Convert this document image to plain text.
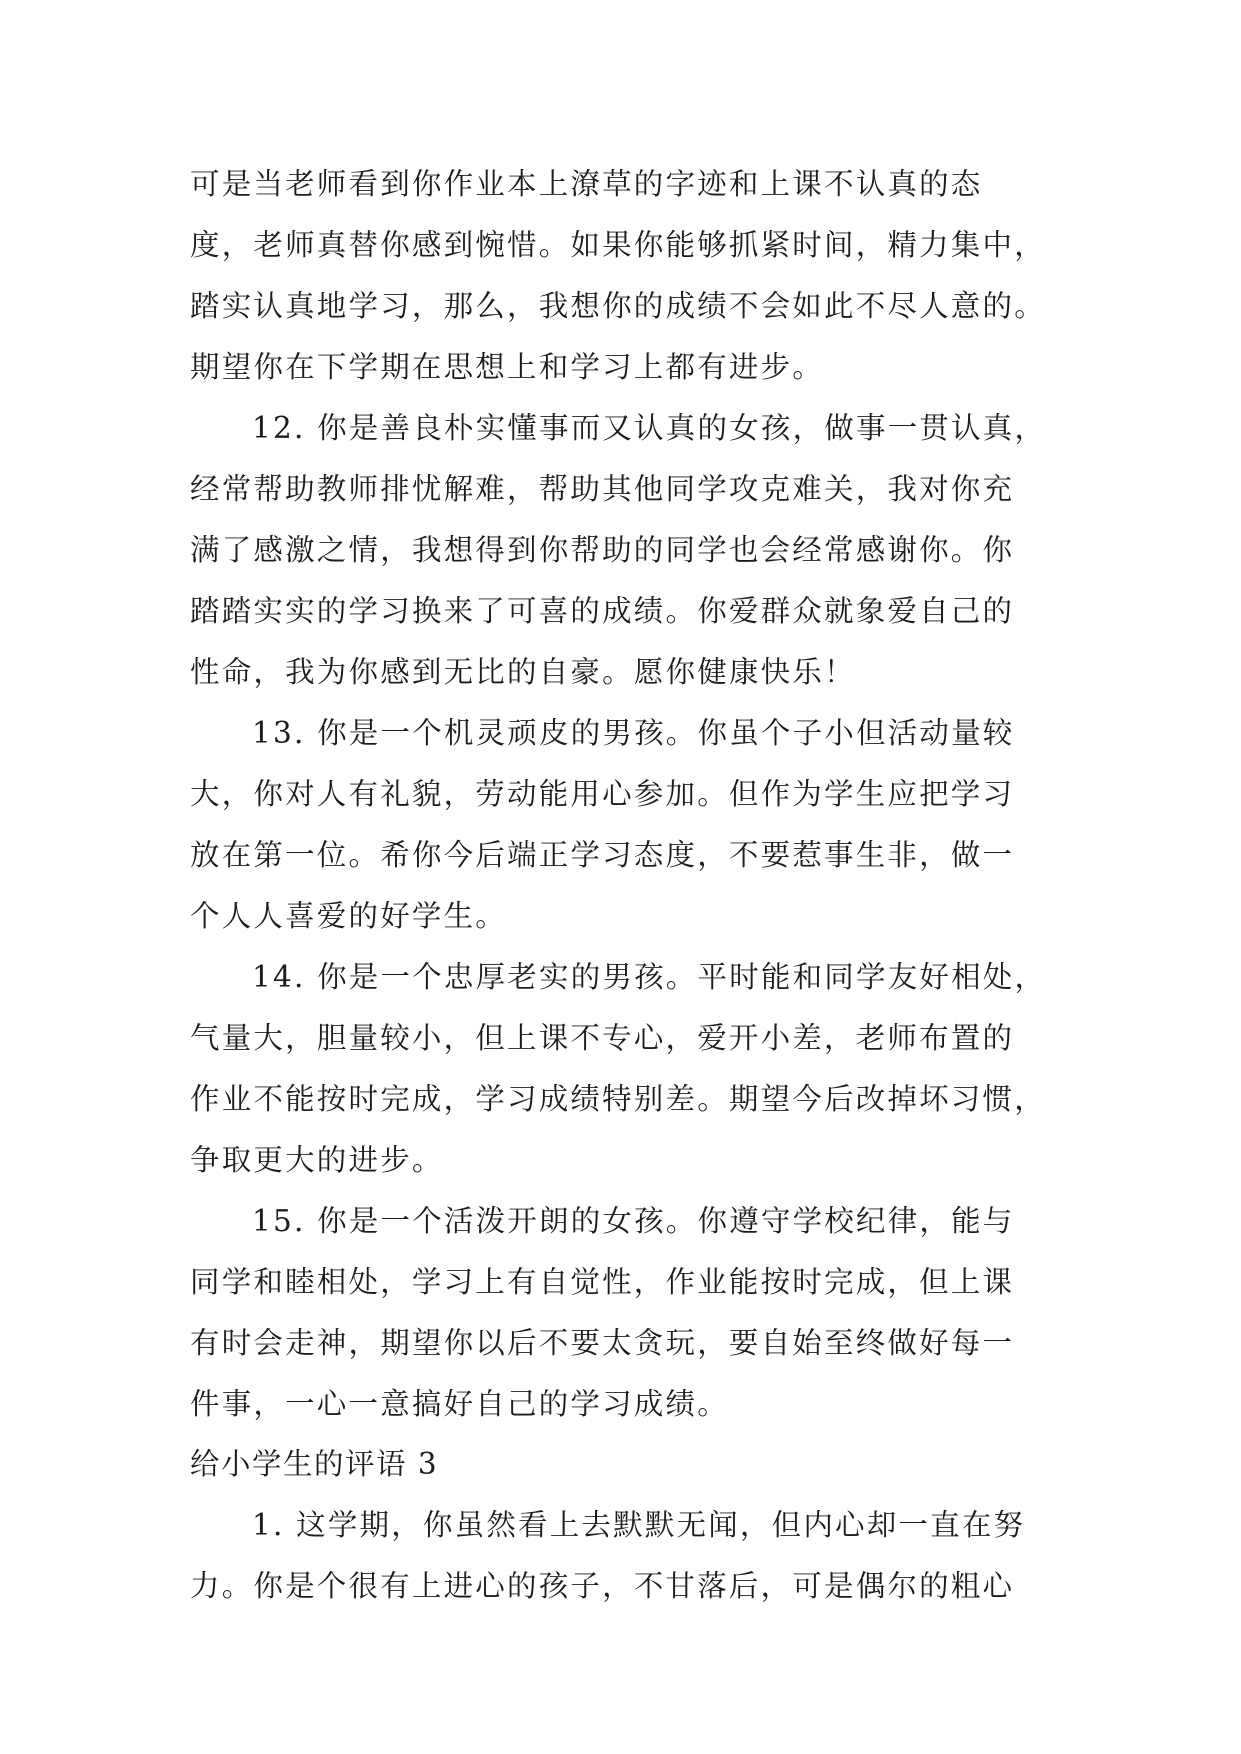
可是当老师看到你作业本上潦草的字迹和上课不认真的态
度，老师真替你感到惋惜。如果你能够抓紧时间，精力集中，
踏实认真地学习，那么，我想你的成绩不会如此不尽人意的。
期望你在下学期在思想上和学习上都有进步。
12. 你是善良朴实懂事而又认真的女孩，做事一贯认真，
经常帮助教师排忧解难，帮助其他同学攻克难关，我对你充
满了感激之情，我想得到你帮助的同学也会经常感谢你。你
踏踏实实的学习换来了可喜的成绩。你爱群众就象爱自己的
性命，我为你感到无比的自豪。愿你健康快乐！
13. 你是一个机灵顽皮的男孩。你虽个子小但活动量较
大，你对人有礼貌，劳动能用心参加。但作为学生应把学习
放在第一位。希你今后端正学习态度，不要惹事生非，做一
个人人喜爱的好学生。
14. 你是一个忠厚老实的男孩。平时能和同学友好相处，
气量大，胆量较小，但上课不专心，爱开小差，老师布置的
作业不能按时完成，学习成绩特别差。期望今后改掉坏习惯，
争取更大的进步。
15. 你是一个活泼开朗的女孩。你遵守学校纪律，能与
同学和睦相处，学习上有自觉性，作业能按时完成，但上课
有时会走神，期望你以后不要太贪玩，要自始至终做好每一
件事，一心一意搞好自己的学习成绩。
给小学生的评语 3
1. 这学期，你虽然看上去默默无闻，但内心却一直在努
力。你是个很有上进心的孩子，不甘落后，可是偶尔的粗心
